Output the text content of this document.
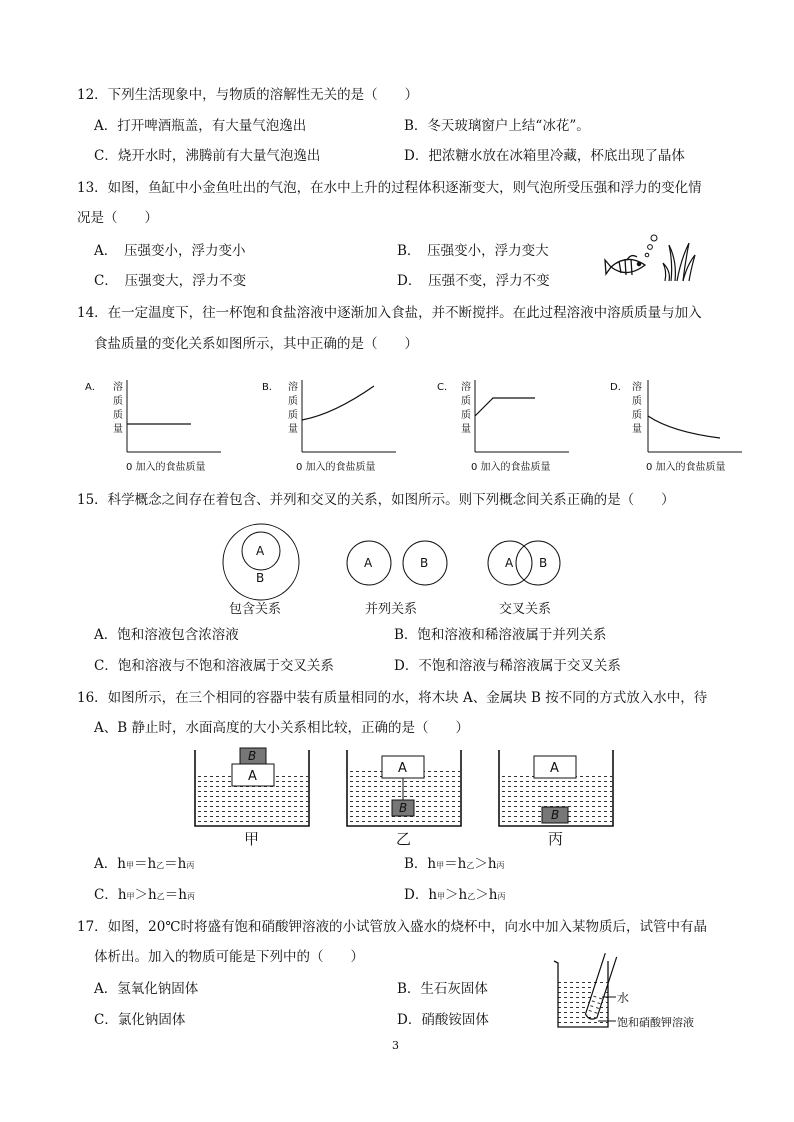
12．下列生活现象中，与物质的溶解性无关的是（　　）
A．打开啤酒瓶盖，有大量气泡逸出	B．冬天玻璃窗户上结“冰花”。
C．烧开水时，沸腾前有大量气泡逸出	D．把浓糖水放在冰箱里冷藏，杯底出现了晶体
13．如图，鱼缸中小金鱼吐出的气泡，在水中上升的过程体积逐渐变大，则气泡所受压强和浮力的变化情
况是（　　）
A．　压强变小，浮力变小	B．　压强变小，浮力变大
C．　压强变大，浮力不变	D．　压强不变，浮力不变
14．在一定温度下，往一杯饱和食盐溶液中逐渐加入食盐，并不断搅拌。在此过程溶液中溶质质量与加入
食盐质量的变化关系如图所示，其中正确的是（　　）
A． 溶
质
质
量
0 加入的食盐质量
B． 溶
质
质
量
0 加入的食盐质量
C． 溶
质
质
量
0 加入的食盐质量
D． 溶
质
质
量
0 加入的食盐质量
15．科学概念之间存在着包含、并列和交叉的关系，如图所示。则下列概念间关系正确的是（　　）
A
B
包含关系
A	B
并列关系
A B
交叉关系
A．饱和溶液包含浓溶液	B．饱和溶液和稀溶液属于并列关系
C．饱和溶液与不饱和溶液属于交叉关系	D．不饱和溶液与稀溶液属于交叉关系
16．如图所示，在三个相同的容器中装有质量相同的水，将木块 A、金属块 B 按不同的方式放入水中，待
A、B 静止时，水面高度的大小关系相比较，正确的是（　　）
A
B
甲
A
B
乙
A
B
丙
A．h甲＝h乙＝h丙	B．h甲＝h乙＞h丙
C．h甲＞h乙＝h丙	D．h甲＞h乙＞h丙
17．如图，20℃时将盛有饱和硝酸钾溶液的小试管放入盛水的烧杯中，向水中加入某物质后，试管中有晶
体析出。加入的物质可能是下列中的（　　）
A．氢氧化钠固体	B．生石灰固体
C．氯化钠固体	D．硝酸铵固体
水
饱和硝酸钾溶液
3
